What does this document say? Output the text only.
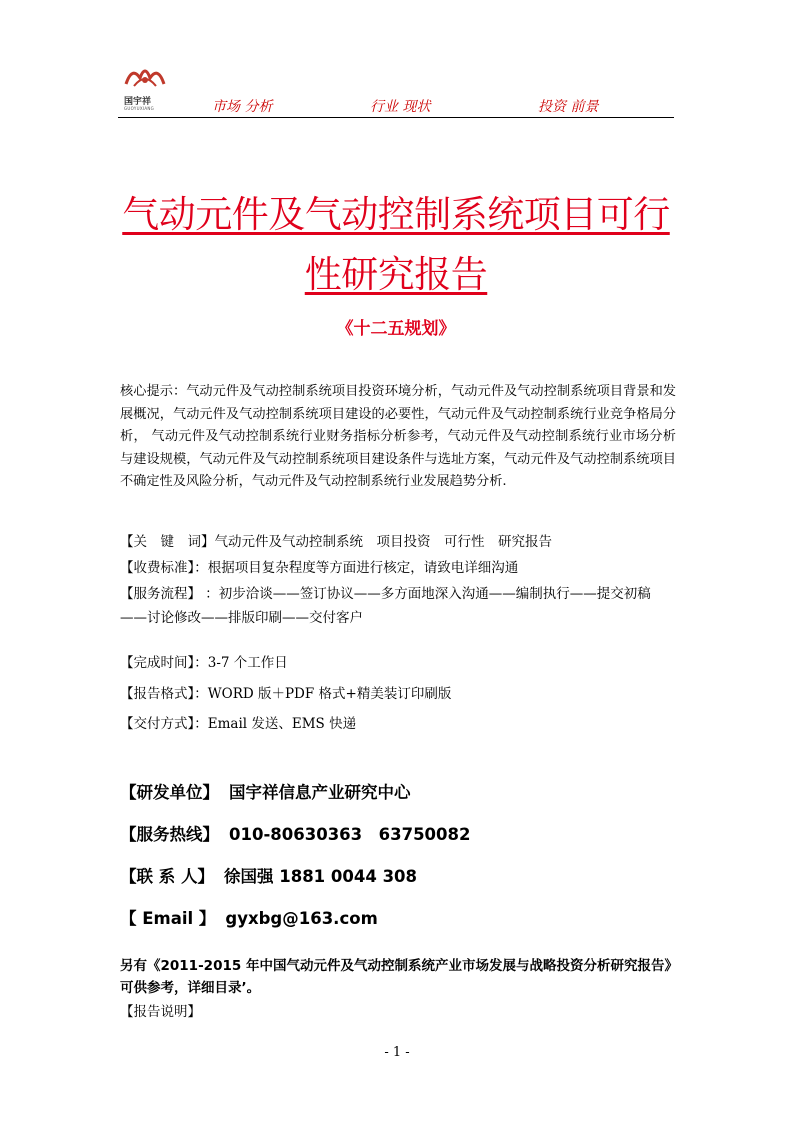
国宇祥
GUOYUXIANG	市场 分析	行业 现状	投资 前景
气动元件及气动控制系统项目可行
性研究报告
《十二五规划》
核心提示：气动元件及气动控制系统项目投资环境分析，气动元件及气动控制系统项目背景和发展概况，气动元件及气动控制系统项目建设的必要性，气动元件及气动控制系统行业竞争格局分析， 气动元件及气动控制系统行业财务指标分析参考，气动元件及气动控制系统行业市场分析与建设规模，气动元件及气动控制系统项目建设条件与选址方案，气动元件及气动控制系统项目不确定性及风险分析，气动元件及气动控制系统行业发展趋势分析.
【关　键　词】气动元件及气动控制系统　项目投资　可行性　研究报告
【收费标准】：根据项目复杂程度等方面进行核定，请致电详细沟通
【服务流程】 ：初步洽谈——签订协议——多方面地深入沟通——编制执行——提交初稿——讨论修改——排版印刷——交付客户
【完成时间】：3-7 个工作日
【报告格式】：WORD 版＋PDF 格式+精美装订印刷版
【交付方式】：Email 发送、EMS 快递
【研发单位】 国宇祥信息产业研究中心
【服务热线】 010-80630363　63750082
【联 系 人】 徐国强 1881 0044 308
【 Email 】 gyxbg@163.com
另有《2011-2015 年中国气动元件及气动控制系统产业市场发展与战略投资分析研究报告》可供参考，详细目录’。
【报告说明】
- 1 -
